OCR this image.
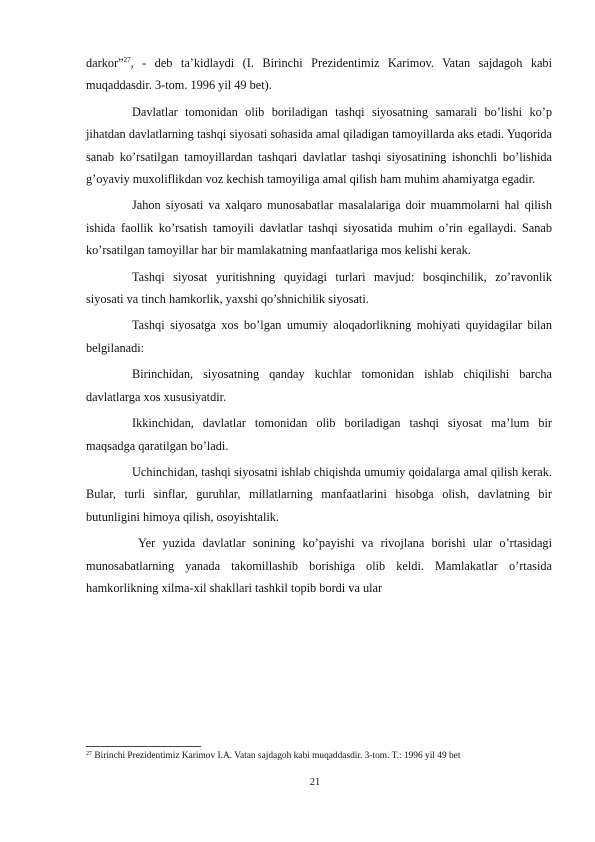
darkor”$^{27}$, - deb ta’kidlaydi (I. Birinchi Prezidentimiz Karimov. Vatan sajdagoh kabi muqaddasdir. 3-tom. 1996 yil 49 bet).

Davlatlar tomonidan olib boriladigan tashqi siyosatning samarali bo’lishi ko’p jihatdan davlatlarning tashqi siyosati sohasida amal qiladigan tamoyillarda aks etadi. Yuqorida sanab ko’rsatilgan tamoyillardan tashqari davlatlar tashqi siyosatining ishonchli bo’lishida g’oyaviy muxoliflikdan voz kechish tamoyiliga amal qilish ham muhim ahamiyatga egadir.

Jahon siyosati va xalqaro munosabatlar masalalariga doir muammolarni hal qilish ishida faollik ko’rsatish tamoyili davlatlar tashqi siyosatida muhim o’rin egallaydi. Sanab ko’rsatilgan tamoyillar har bir mamlakatning manfaatlariga mos kelishi kerak.

Tashqi siyosat yuritishning quyidagi turlari mavjud: bosqinchilik, zo’ravonlik siyosati va tinch hamkorlik, yaxshi qo’shnichilik siyosati.

Tashqi siyosatga xos bo’lgan umumiy aloqadorlikning mohiyati quyidagilar bilan belgilanadi:

Birinchidan, siyosatning qanday kuchlar tomonidan ishlab chiqilishi barcha davlatlarga xos xususiyatdir.

Ikkinchidan, davlatlar tomonidan olib boriladigan tashqi siyosat ma’lum bir maqsadga qaratilgan bo’ladi.

Uchinchidan, tashqi siyosatni ishlab chiqishda umumiy qoidalarga amal qilish kerak. Bular, turli sinflar, guruhlar, millatlarning manfaatlarini hisobga olish, davlatning bir butunligini himoya qilish, osoyishtalik.

Yer yuzida davlatlar sonining ko’payishi va rivojlana borishi ular o’rtasidagi munosabatlarning yanada takomillashib borishiga olib keldi. Mamlakatlar o’rtasida hamkorlikning xilma-xil shakllari tashkil topib bordi va ular

$^{27}$ Birinchi Prezidentimiz Karimov I.A. Vatan sajdagoh kabi muqaddasdir. 3-tom. T.: 1996 yil 49 bet
21
